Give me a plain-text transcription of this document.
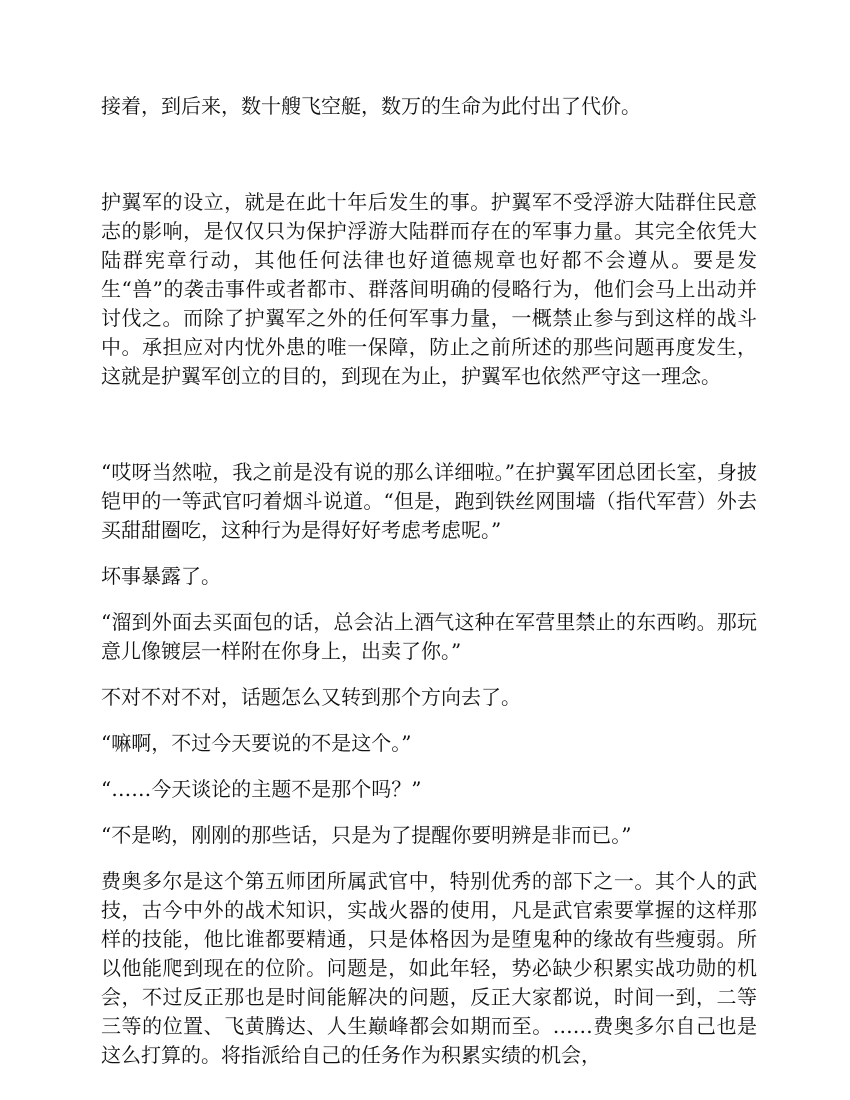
接着，到后来，数十艘飞空艇，数万的生命为此付出了代价。

护翼军的设立，就是在此十年后发生的事。护翼军不受浮游大陆群住民意志的影响，是仅仅只为保护浮游大陆群而存在的军事力量。其完全依凭大陆群宪章行动，其他任何法律也好道德规章也好都不会遵从。要是发生“兽”的袭击事件或者都市、群落间明确的侵略行为，他们会马上出动并讨伐之。而除了护翼军之外的任何军事力量，一概禁止参与到这样的战斗中。承担应对内忧外患的唯一保障，防止之前所述的那些问题再度发生，这就是护翼军创立的目的，到现在为止，护翼军也依然严守这一理念。

“哎呀当然啦，我之前是没有说的那么详细啦。”在护翼军团总团长室，身披铠甲的一等武官叼着烟斗说道。“但是，跑到铁丝网围墙（指代军营）外去买甜甜圈吃，这种行为是得好好考虑考虑呢。”

坏事暴露了。

“溜到外面去买面包的话，总会沾上酒气这种在军营里禁止的东西哟。那玩意儿像镀层一样附在你身上，出卖了你。”

不对不对不对，话题怎么又转到那个方向去了。

“嘛啊，不过今天要说的不是这个。”

“……今天谈论的主题不是那个吗？”

“不是哟，刚刚的那些话，只是为了提醒你要明辨是非而已。”

费奥多尔是这个第五师团所属武官中，特别优秀的部下之一。其个人的武技，古今中外的战术知识，实战火器的使用，凡是武官索要掌握的这样那样的技能，他比谁都要精通，只是体格因为是堕鬼种的缘故有些瘦弱。所以他能爬到现在的位阶。问题是，如此年轻，势必缺少积累实战功勋的机会，不过反正那也是时间能解决的问题，反正大家都说，时间一到，二等三等的位置、飞黄腾达、人生巅峰都会如期而至。……费奥多尔自己也是这么打算的。将指派给自己的任务作为积累实绩的机会，
